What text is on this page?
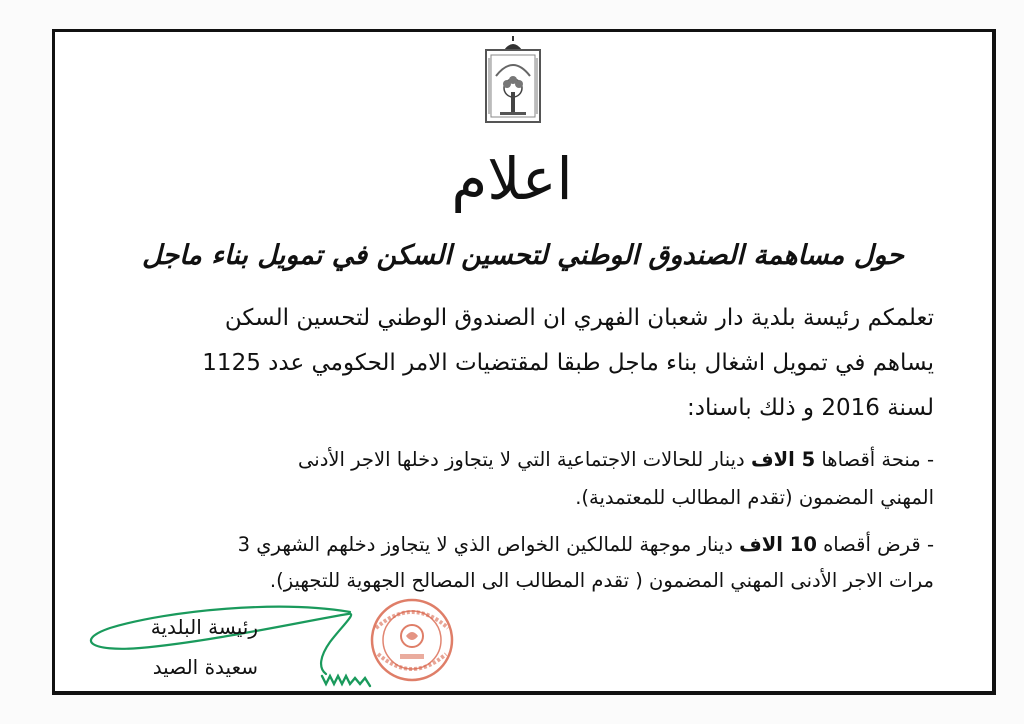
اعلام
حول مساهمة الصندوق الوطني لتحسين السكن في تمويل بناء ماجل
تعلمكم رئيسة بلدية دار شعبان الفهري ان الصندوق الوطني لتحسين السكن
يساهم في تمويل اشغال بناء ماجل طبقا لمقتضيات الامر الحكومي عدد 1125
لسنة 2016 و ذلك باسناد:
- منحة أقصاها 5 الاف دينار للحالات الاجتماعية التي لا يتجاوز دخلها الاجر الأدنى
المهني المضمون (تقدم المطالب للمعتمدية).
- قرض أقصاه 10 الاف دينار موجهة للمالكين الخواص الذي لا يتجاوز دخلهم الشهري 3
مرات الاجر الأدنى المهني المضمون ( تقدم المطالب الى المصالح الجهوية للتجهيز).
رئيسة البلدية
سعيدة الصيد
